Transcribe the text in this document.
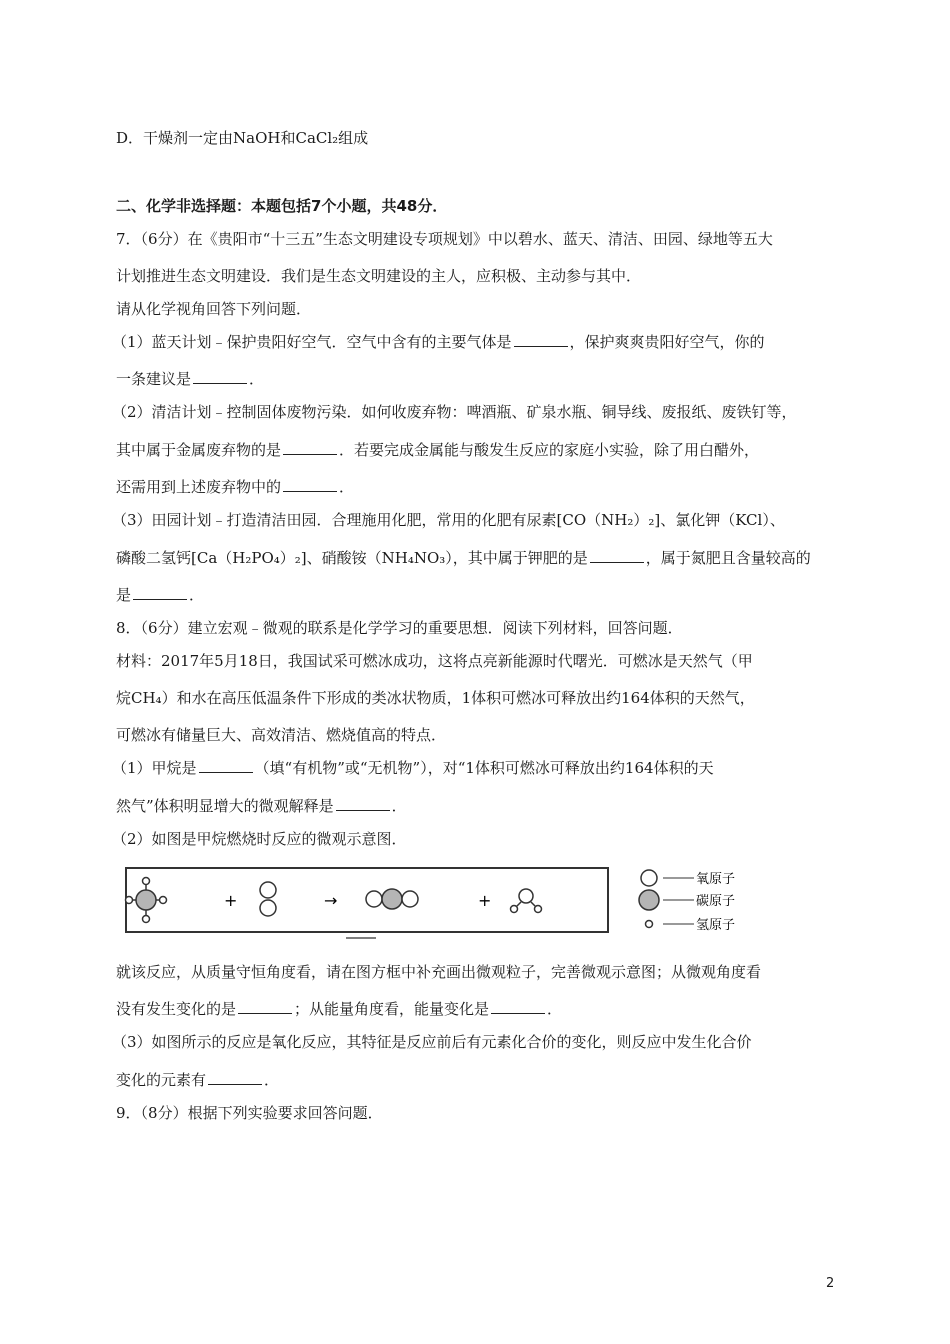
D．干燥剂一定由NaOH和CaCl₂组成
二、化学非选择题：本题包括7个小题，共48分．
7．（6分）在《贵阳市“十三五”生态文明建设专项规划》中以碧水、蓝天、清洁、田园、绿地等五大
计划推进生态文明建设．我们是生态文明建设的主人，应积极、主动参与其中．
请从化学视角回答下列问题．
（1）蓝天计划﹣保护贵阳好空气．空气中含有的主要气体是	，保护爽爽贵阳好空气，你的
一条建议是	．
（2）清洁计划﹣控制固体废物污染．如何收废弃物：啤酒瓶、矿泉水瓶、铜导线、废报纸、废铁钉等，
其中属于金属废弃物的是	．若要完成金属能与酸发生反应的家庭小实验，除了用白醋外，
还需用到上述废弃物中的	．
（3）田园计划﹣打造清洁田园．合理施用化肥，常用的化肥有尿素[CO（NH₂）₂]、氯化钾（KCl）、
磷酸二氢钙[Ca（H₂PO₄）₂]、硝酸铵（NH₄NO₃），其中属于钾肥的是	，属于氮肥且含量较高的
是	．
8．（6分）建立宏观﹣微观的联系是化学学习的重要思想．阅读下列材料，回答问题．
材料：2017年5月18日，我国试采可燃冰成功，这将点亮新能源时代曙光．可燃冰是天然气（甲
烷CH₄）和水在高压低温条件下形成的类冰状物质，1体积可燃冰可释放出约164体积的天然气，
可燃冰有储量巨大、高效清洁、燃烧值高的特点．
（1）甲烷是	（填“有机物”或“无机物”），对“1体积可燃冰可释放出约164体积的天
然气”体积明显增大的微观解释是	．
（2）如图是甲烷燃烧时反应的微观示意图．
+	→	+
氧原子
碳原子
氢原子
就该反应，从质量守恒角度看，请在图方框中补充画出微观粒子，完善微观示意图；从微观角度看
没有发生变化的是	；从能量角度看，能量变化是	．
（3）如图所示的反应是氧化反应，其特征是反应前后有元素化合价的变化，则反应中发生化合价
变化的元素有	．
9．（8分）根据下列实验要求回答问题．
2
